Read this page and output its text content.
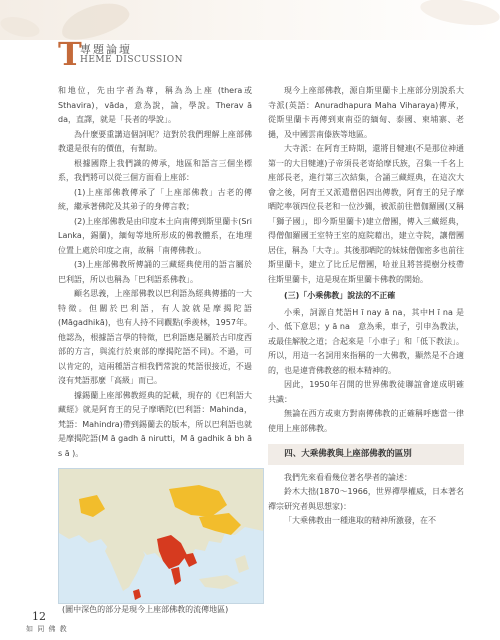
T
專題論壇
HEME DISCUSSION

和地位，先由字者為尊，稱為為上座 (thera或Sthavira)，vāda，意為說，論，學說。Therav ā da，直譯，就是「長者的學說」。

為什麼要重講這個詞呢？這對於我們理解上座部佛教還是很有的價值，有幫助。

根據國際上我們識的傳承，地區和語言三個坐標系，我們將可以從三個方面看上座部：

(1)上座部佛教傳承了「上座部佛教」古老的傳統，繼承著佛陀及其弟子的身傳言教；

(2)上座部佛教是由印度本土向南傳到斯里蘭卡(Sri Lanka，錫蘭)，緬甸等地所形成的佛教體系，在地理位置上處於印度之南，故稱「南傳佛教」。

(3)上座部佛教所傳誦的三藏經典使用的語言屬於巴利語，所以也稱為「巴利語系佛教」。

顧名思義，上座部佛教以巴利語為經典傳播的一大特徵。但關於巴利語，有人說就是摩揭陀語(Māgadhikā)，也有人持不同觀點(季羨林，1957年。他認為，根據語言學的特徵，巴利語應是屬於古印度西部的方言，與流行於東部的摩揭陀語不同)。不過，可以肯定的，這兩種語言相我們常說的梵語很接近，不過沒有梵語那麼「高級」而已。

據錫蘭上座部佛教經典的記載，現存的《巴利語大藏經》就是阿育王的兒子摩晒陀(巴利語：Mahinda，梵語：Mahindra)帶到錫蘭去的版本，所以巴利語也就是摩揭陀語(M ā gadh ā nirutti，M ā gadhik ā bh ā s ā )。

現今上座部佛教，源自斯里蘭卡上座部分別說系大寺派(英語：Anuradhapura Maha Viharaya)傳承，從斯里蘭卡再傳到東南亞的緬甸、泰國、柬埔寨、老撾，及中國雲南傣族等地區。

大寺派：在阿育王時期，還將目犍連(不是那位神通第一的大目犍連)子帝須長老寄給摩氏族，召集一千名上座部長老，進行第三次結集，合誦三藏經典，在這次大會之後，阿育王又派遣僧侶四出傳教，阿育王的兒子摩晒陀率領四位長老和一位沙彌，被派前往僧伽羅國(又稱「獅子國」，即今斯里蘭卡)建立僧團，傳入三藏經典，得僧伽羅國王室特王室的庭院藉出，建立寺院，讓僧團居住，稱為「大寺」。其後那晒陀的妹妹僧伽密多也前往斯里蘭卡，建立了比丘尼僧團，哈並且將菩提樹分枝帶往斯里蘭卡，這是現在斯里蘭卡佛教的開始。

(三)「小乘佛教」說法的不正確

小乘，詞源自梵語H ī nay ā na，其中H ī na 是小、低下意思；y ā na　意為乘，車子，引申為教法，或最佳解脫之道；合起來是「小車子」和「低下教法」。所以，用這一名詞用來指稱的一大佛教，顯然是不合適的，也是違背佛教慈的根本精神的。

因此，1950年召開的世界佛教徒聯誼會達成明確共識：

無論在西方或東方對南傳佛教的正確稱呼應當一律使用上座部佛教。

四、大乘佛教與上座部佛教的區別

我們先來看看幾位著名學者的論述：

鈴木大拙(1870～1966，世界禪學權威，日本著名禪宗研究者與思想家)：

「大乘佛教由一種進取的精神所激發，在不

(圖中深色的部分是現今上座部佛教的流傳地區)
12
如 同 佛 教
